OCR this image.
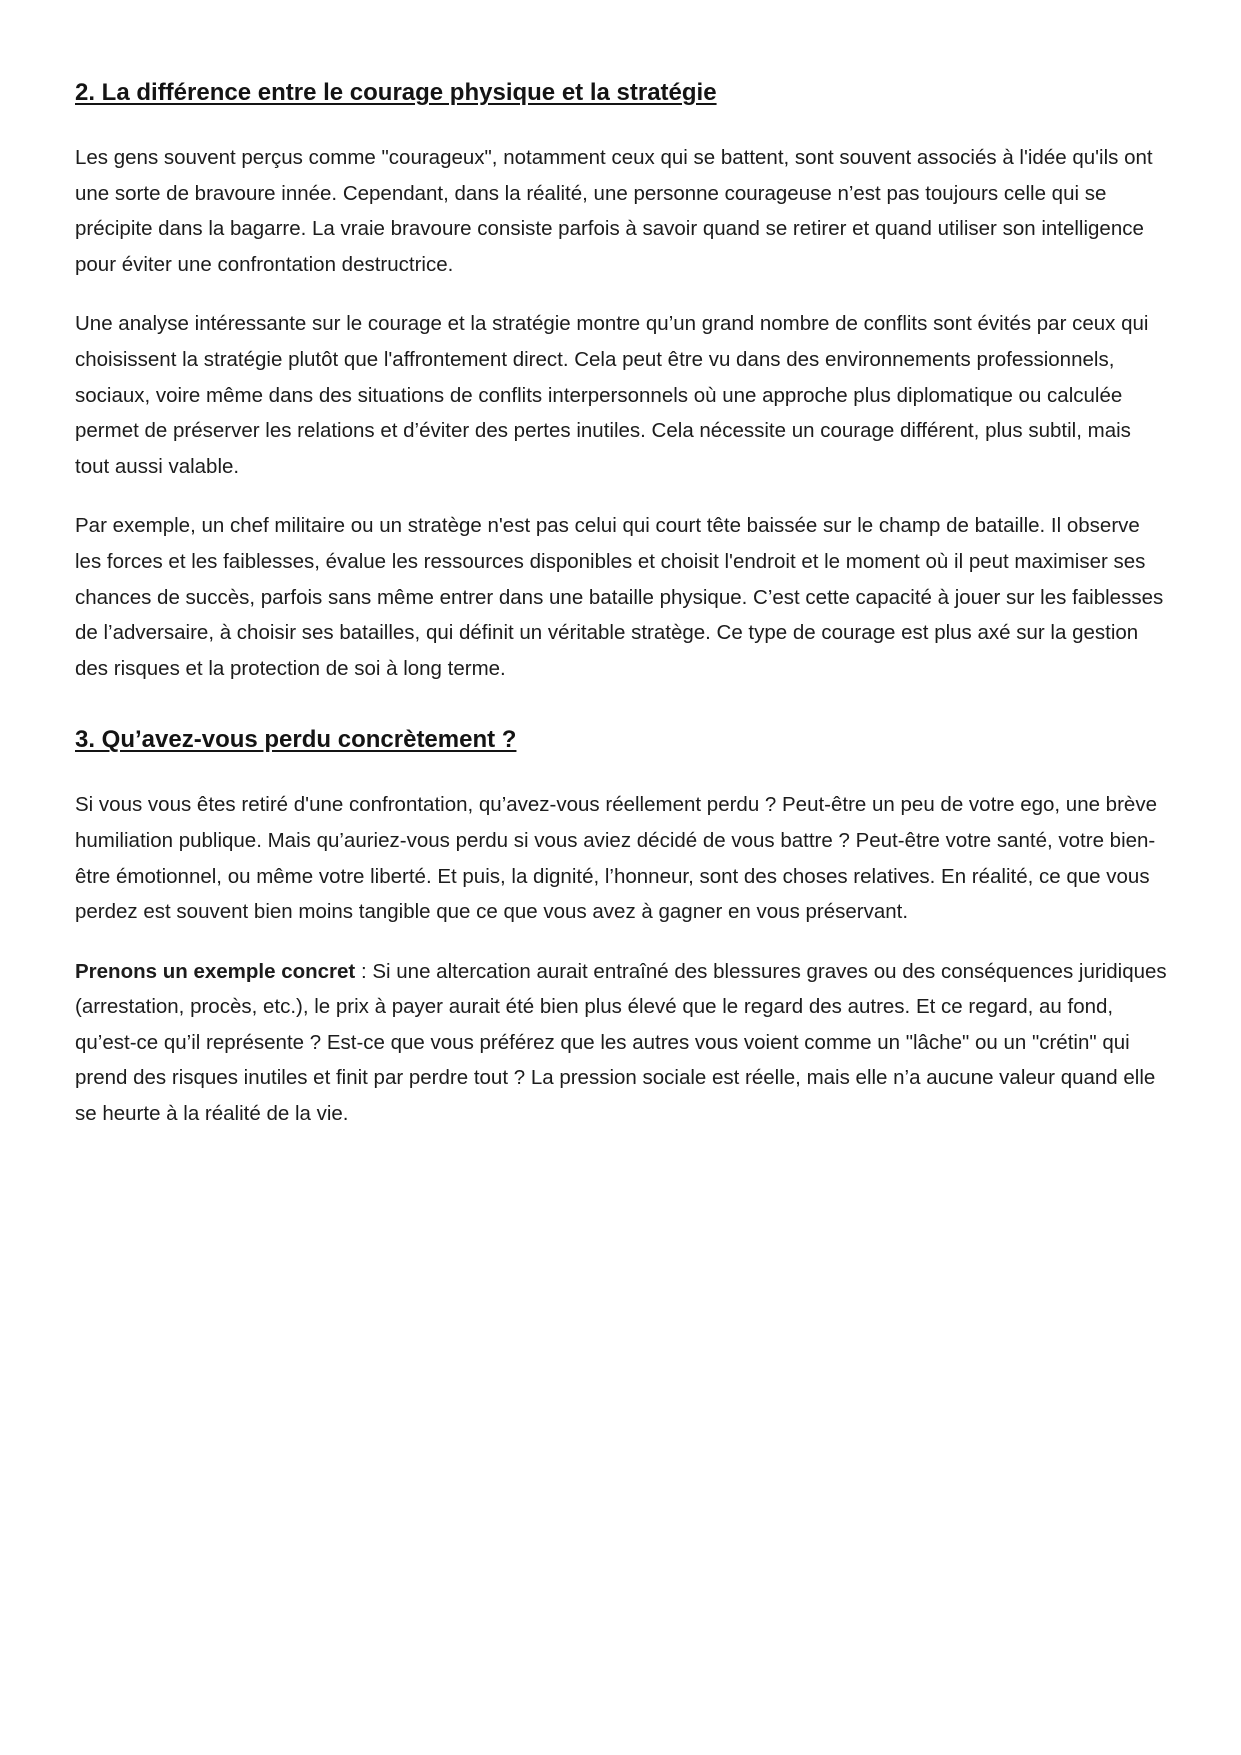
2. La différence entre le courage physique et la stratégie

Les gens souvent perçus comme "courageux", notamment ceux qui se battent, sont souvent associés à l'idée qu'ils ont une sorte de bravoure innée. Cependant, dans la réalité, une personne courageuse n’est pas toujours celle qui se précipite dans la bagarre. La vraie bravoure consiste parfois à savoir quand se retirer et quand utiliser son intelligence pour éviter une confrontation destructrice.

Une analyse intéressante sur le courage et la stratégie montre qu’un grand nombre de conflits sont évités par ceux qui choisissent la stratégie plutôt que l'affrontement direct. Cela peut être vu dans des environnements professionnels, sociaux, voire même dans des situations de conflits interpersonnels où une approche plus diplomatique ou calculée permet de préserver les relations et d’éviter des pertes inutiles. Cela nécessite un courage différent, plus subtil, mais tout aussi valable.

Par exemple, un chef militaire ou un stratège n'est pas celui qui court tête baissée sur le champ de bataille. Il observe les forces et les faiblesses, évalue les ressources disponibles et choisit l'endroit et le moment où il peut maximiser ses chances de succès, parfois sans même entrer dans une bataille physique. C’est cette capacité à jouer sur les faiblesses de l’adversaire, à choisir ses batailles, qui définit un véritable stratège. Ce type de courage est plus axé sur la gestion des risques et la protection de soi à long terme.

3. Qu’avez-vous perdu concrètement ?

Si vous vous êtes retiré d'une confrontation, qu’avez-vous réellement perdu ? Peut-être un peu de votre ego, une brève humiliation publique. Mais qu’auriez-vous perdu si vous aviez décidé de vous battre ? Peut-être votre santé, votre bien-être émotionnel, ou même votre liberté. Et puis, la dignité, l’honneur, sont des choses relatives. En réalité, ce que vous perdez est souvent bien moins tangible que ce que vous avez à gagner en vous préservant.

Prenons un exemple concret : Si une altercation aurait entraîné des blessures graves ou des conséquences juridiques (arrestation, procès, etc.), le prix à payer aurait été bien plus élevé que le regard des autres. Et ce regard, au fond, qu’est-ce qu’il représente ? Est-ce que vous préférez que les autres vous voient comme un "lâche" ou un "crétin" qui prend des risques inutiles et finit par perdre tout ? La pression sociale est réelle, mais elle n’a aucune valeur quand elle se heurte à la réalité de la vie.
